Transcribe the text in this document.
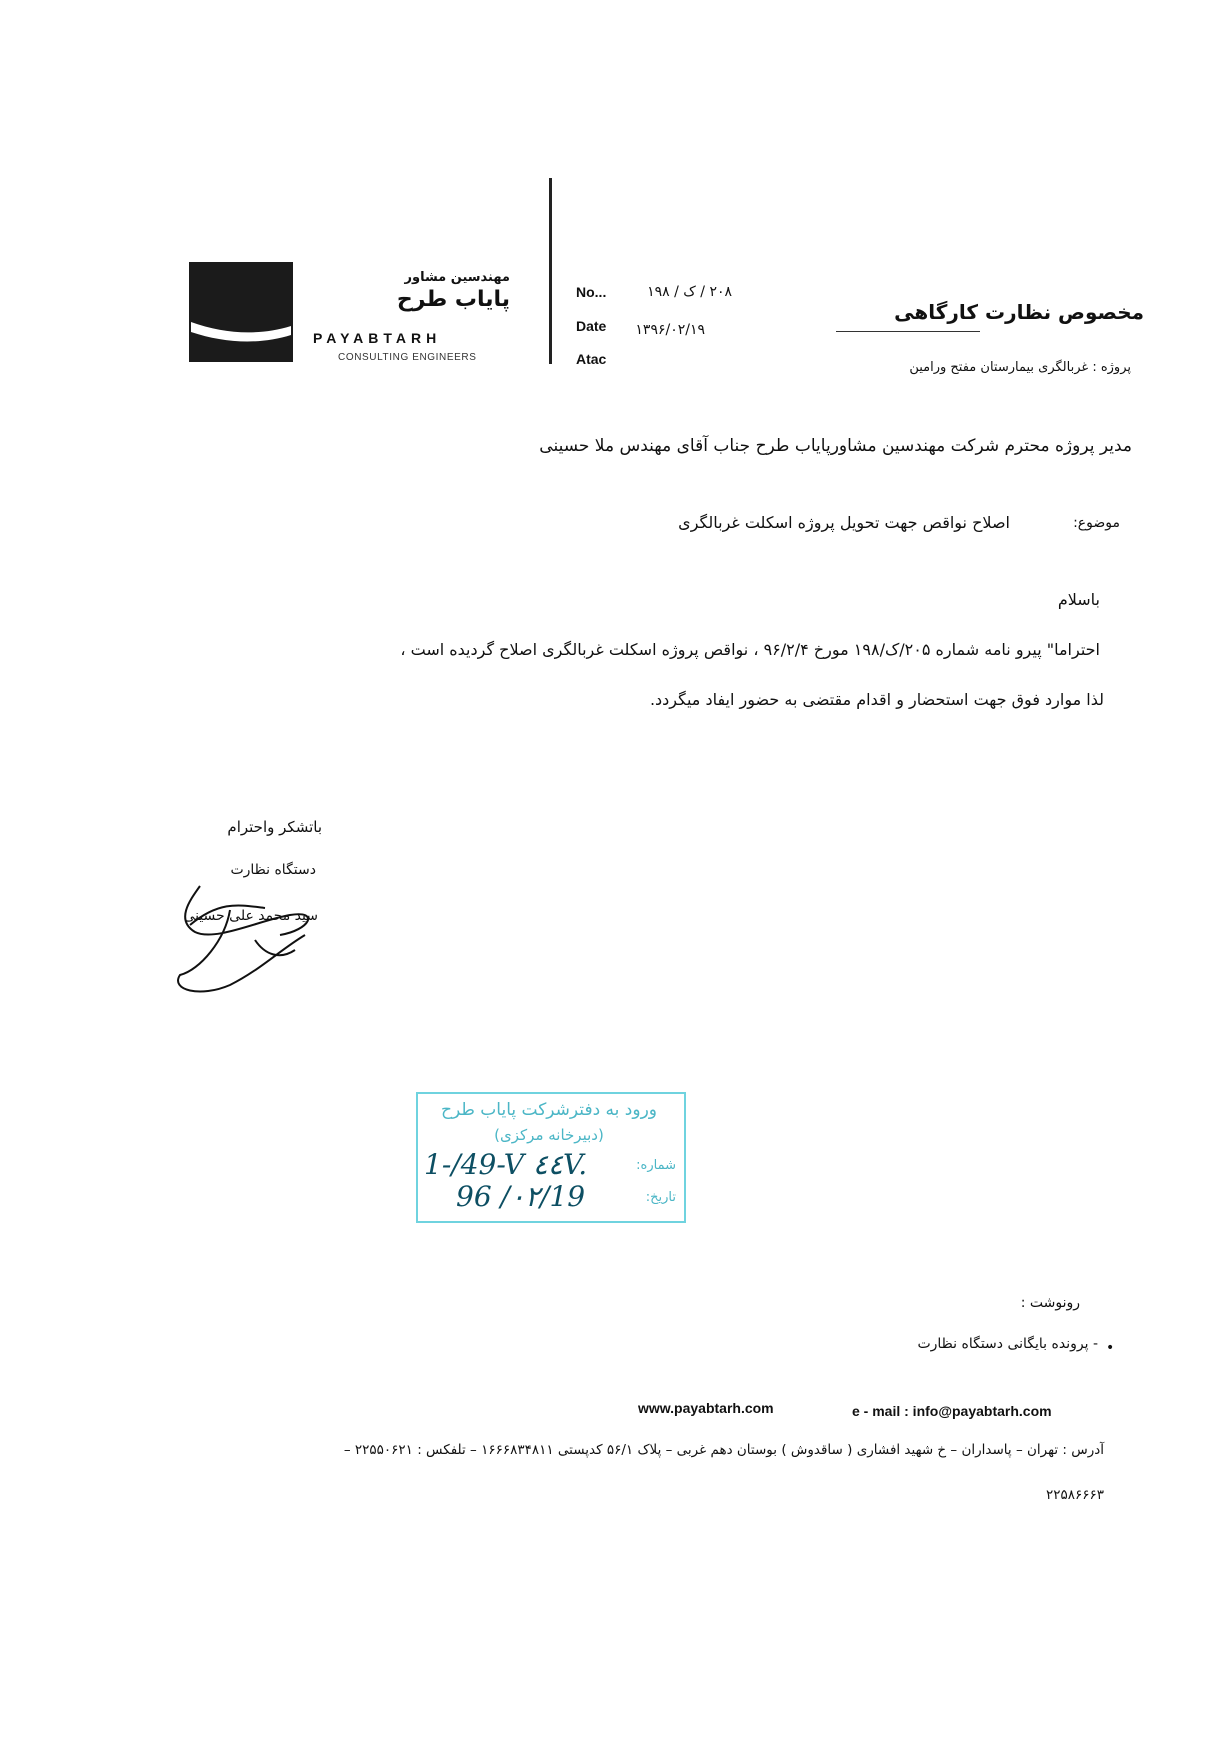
مهندسین مشاور
پایاب طرح
PAYABTARH
CONSULTING ENGINEERS
No...	۲۰۸ / ک / ۱۹۸
Date	۱۳۹۶/۰۲/۱۹
Atac
مخصوص نظارت کارگاهی
پروژه : غربالگری بیمارستان مفتح ورامین
مدیر پروژه محترم شرکت مهندسین مشاورپایاب طرح جناب آقای مهندس ملا حسینی
موضوع:
اصلاح نواقص جهت تحویل پروژه اسکلت غربالگری
باسلام
احتراما" پیرو نامه شماره ۲۰۵/ک/۱۹۸ مورخ ۹۶/۲/۴ ، نواقص پروژه اسکلت غربالگری اصلاح گردیده است ،
لذا موارد فوق جهت استحضار و اقدام مقتضی به حضور ایفاد میگردد.
باتشکر واحترام
دستگاه نظارت
سید محمد علی حسینی
ورود به دفترشرکت پایاب طرح
(دبیرخانه مرکزی)
شماره:
1-/49-V ٤٤V.
تاریخ:
96 /٠٢/19
رونوشت :
•
- پرونده بایگانی دستگاه نظارت
www.payabtarh.com	e - mail : info@payabtarh.com
آدرس : تهران – پاسداران – خ شهید افشاری ( ساقدوش ) بوستان دهم غربی – پلاک ۵۶/۱ کدپستی ۱۶۶۶۸۳۴۸۱۱ – تلفکس : ۲۲۵۵۰۶۲۱ –
۲۲۵۸۶۶۶۳
